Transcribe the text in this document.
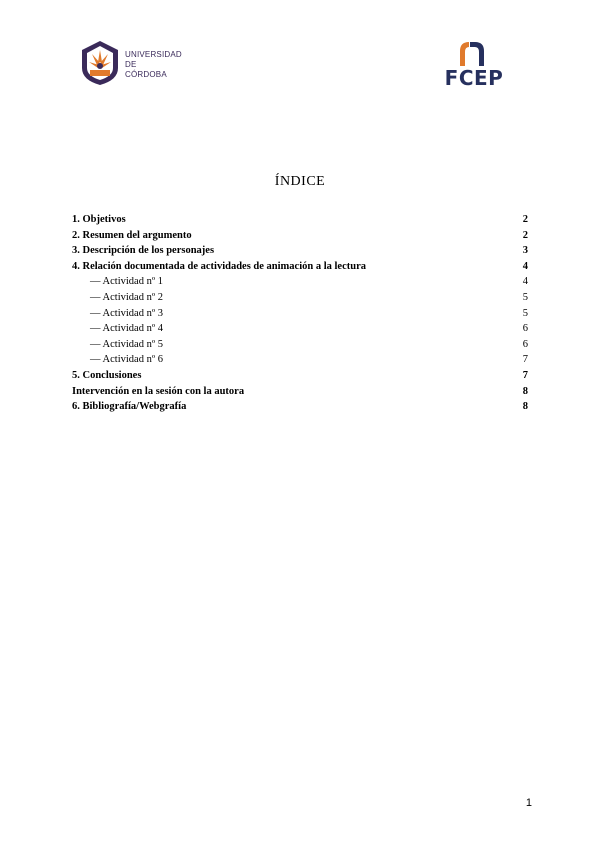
UNIVERSIDAD
DE
CÓRDOBA	FCEP
ÍNDICE
1. Objetivos	2
2. Resumen del argumento	2
3. Descripción de los personajes	3
4. Relación documentada de actividades de animación a la lectura	4
— Actividad nº 1	4
— Actividad nº 2	5
— Actividad nº 3	5
— Actividad nº 4	6
— Actividad nº 5	6
— Actividad nº 6	7
5. Conclusiones	7
Intervención en la sesión con la autora	8
6. Bibliografía/Webgrafía	8
1
